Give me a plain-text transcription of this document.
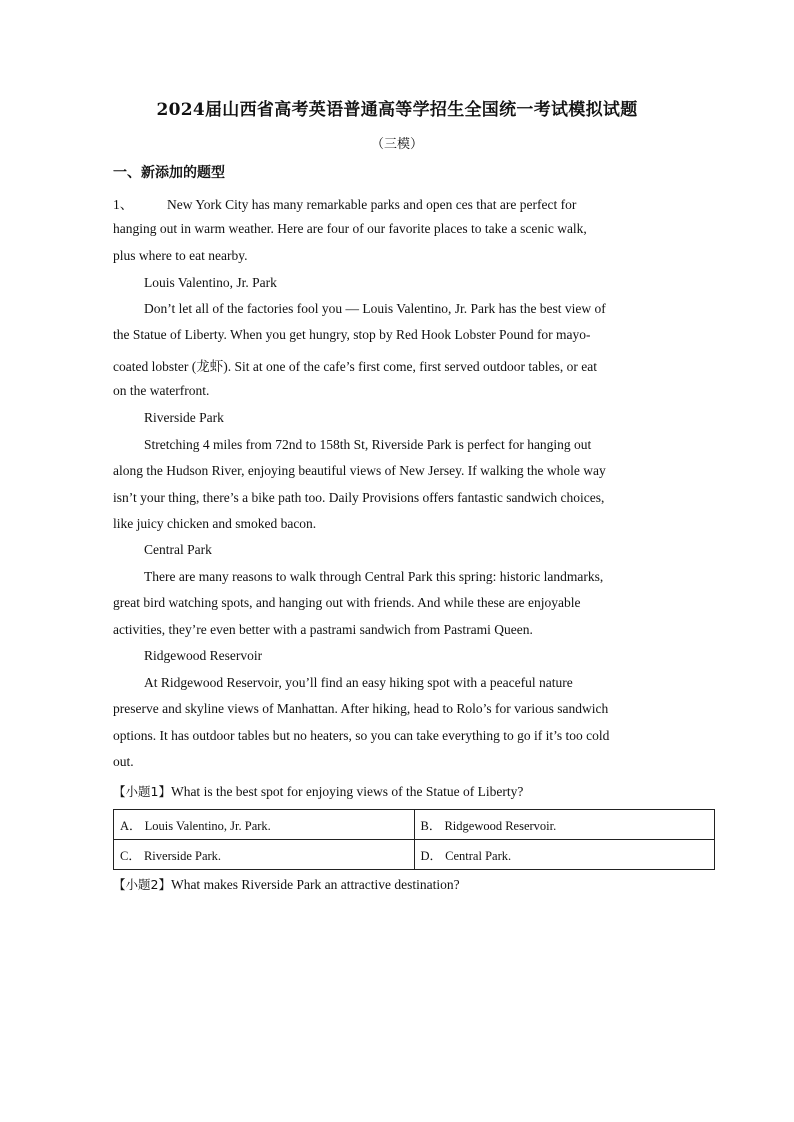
2024届山西省高考英语普通高等学招生全国统一考试模拟试题
（三模）
一、新添加的题型
1、	New York City has many remarkable parks and open ces that are perfect for
hanging out in warm weather. Here are four of our favorite places to take a scenic walk,
plus where to eat nearby.
Louis Valentino, Jr. Park
Don’t let all of the factories fool you — Louis Valentino, Jr. Park has the best view of
the Statue of Liberty. When you get hungry, stop by Red Hook Lobster Pound for mayo-
coated lobster (龙虾). Sit at one of the cafe’s first come, first served outdoor tables, or eat
on the waterfront.
Riverside Park
Stretching 4 miles from 72nd to 158th St, Riverside Park is perfect for hanging out
along the Hudson River, enjoying beautiful views of New Jersey. If walking the whole way
isn’t your thing, there’s a bike path too. Daily Provisions offers fantastic sandwich choices,
like juicy chicken and smoked bacon.
Central Park
There are many reasons to walk through Central Park this spring: historic landmarks,
great bird watching spots, and hanging out with friends. And while these are enjoyable
activities, they’re even better with a pastrami sandwich from Pastrami Queen.
Ridgewood Reservoir
At Ridgewood Reservoir, you’ll find an easy hiking spot with a peaceful nature
preserve and skyline views of Manhattan. After hiking, head to Rolo’s for various sandwich
options. It has outdoor tables but no heaters, so you can take everything to go if it’s too cold
out.
【小题1】What is the best spot for enjoying views of the Statue of Liberty?
A． Louis Valentino, Jr. Park.	B． Ridgewood Reservoir.
C． Riverside Park.	D． Central Park.
【小题2】What makes Riverside Park an attractive destination?
